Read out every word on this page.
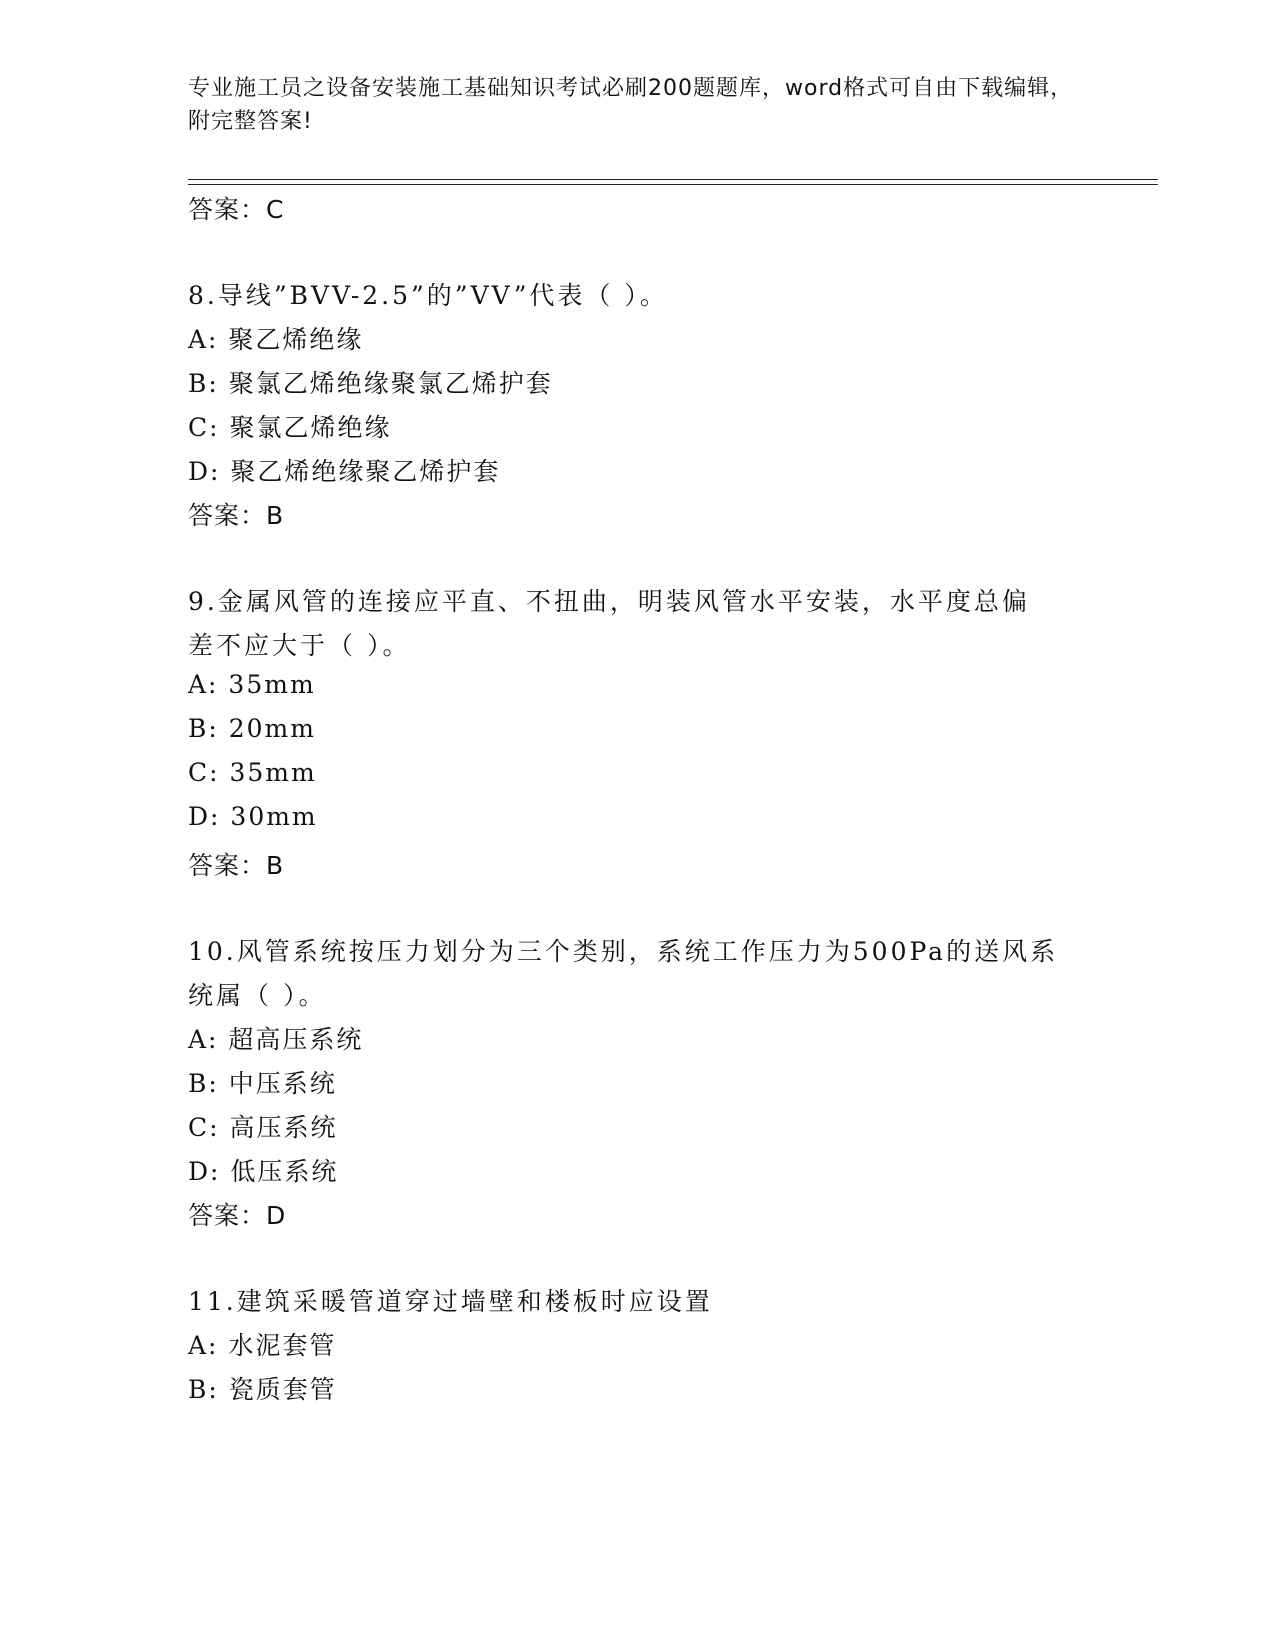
专业施工员之设备安装施工基础知识考试必刷200题题库，word格式可自由下载编辑，附完整答案!
答案：C
8.导线”BVV-2.5”的”VV”代表（ ）。
A: 聚乙烯绝缘
B: 聚氯乙烯绝缘聚氯乙烯护套
C: 聚氯乙烯绝缘
D: 聚乙烯绝缘聚乙烯护套
答案：B
9.金属风管的连接应平直、不扭曲，明装风管水平安装，水平度总偏
差不应大于（ ）。
A: 35mm
B: 20mm
C: 35mm
D: 30mm
答案：B
10.风管系统按压力划分为三个类别，系统工作压力为500Pa的送风系
统属（ ）。
A: 超高压系统
B: 中压系统
C: 高压系统
D: 低压系统
答案：D
11.建筑采暖管道穿过墙壁和楼板时应设置
A: 水泥套管
B: 瓷质套管
